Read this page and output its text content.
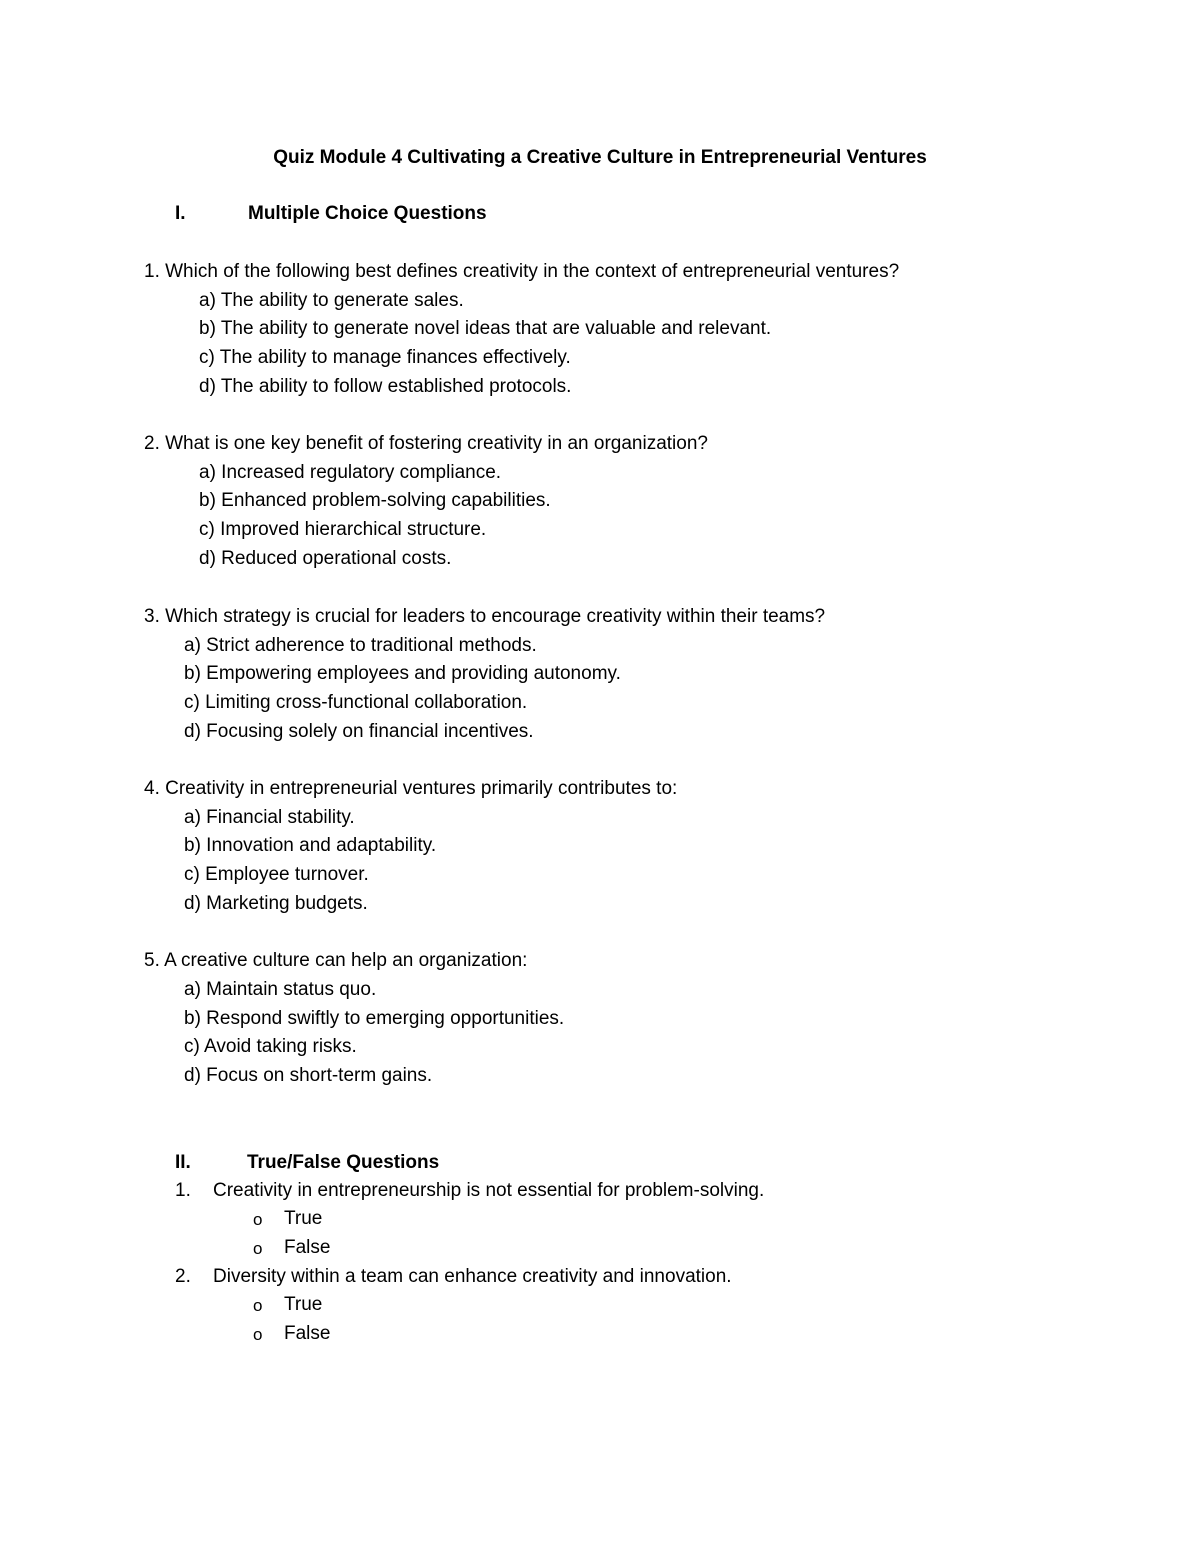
Quiz Module 4 Cultivating a Creative Culture in Entrepreneurial Ventures
I.	Multiple Choice Questions
1. Which of the following best defines creativity in the context of entrepreneurial ventures?
a) The ability to generate sales.
b) The ability to generate novel ideas that are valuable and relevant.
c) The ability to manage finances effectively.
d) The ability to follow established protocols.
2. What is one key benefit of fostering creativity in an organization?
a) Increased regulatory compliance.
b) Enhanced problem-solving capabilities.
c) Improved hierarchical structure.
d) Reduced operational costs.
3. Which strategy is crucial for leaders to encourage creativity within their teams?
a) Strict adherence to traditional methods.
b) Empowering employees and providing autonomy.
c) Limiting cross-functional collaboration.
d) Focusing solely on financial incentives.
4. Creativity in entrepreneurial ventures primarily contributes to:
a) Financial stability.
b) Innovation and adaptability.
c) Employee turnover.
d) Marketing budgets.
5. A creative culture can help an organization:
a) Maintain status quo.
b) Respond swiftly to emerging opportunities.
c) Avoid taking risks.
d) Focus on short-term gains.
II.	True/False Questions
1. Creativity in entrepreneurship is not essential for problem-solving.
o True
o False
2. Diversity within a team can enhance creativity and innovation.
o True
o False
